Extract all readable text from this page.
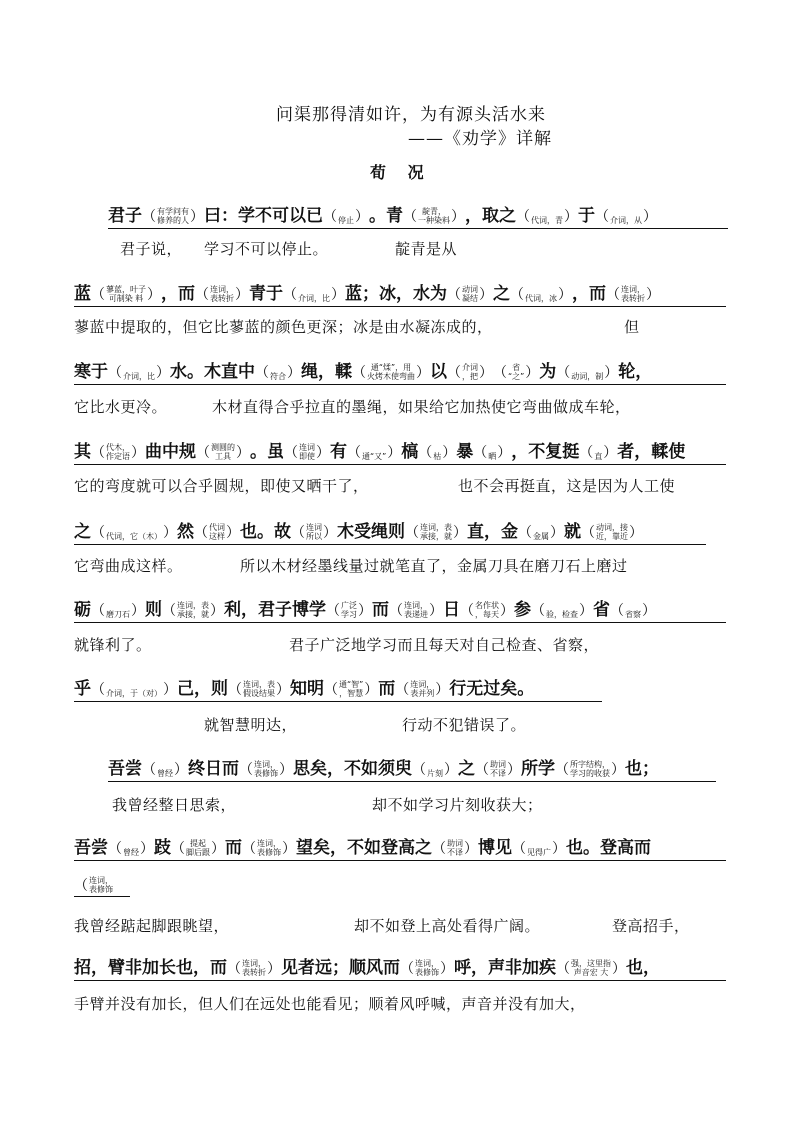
问渠那得清如许，为有源头活水来
——《劝学》详解
荀 况
君子 （ 有学问有
修养的人 ） 曰：学不可以已 （ 停止 ） 。青 （ 靛青，
一种染料 ） ，取之 （ 代词，青 ） 于 （ 介词，从 ）
君子说， 学习不可以停止。	靛青是从
蓝 （ 蓼蓝，叶子
可制染 料 ） ，而 （ 连词，
表转折 ） 青于 （ 介词，比 ） 蓝；冰，水为 （ 动词
凝结 ） 之 （ 代词，冰 ） ，而 （ 连词，
表转折 ）
蓼蓝中提取的，但它比蓼蓝的颜色更深；冰是由水凝冻成的，	但
寒于 （ 介词，比 ） 水。木直中 （ 符合 ） 绳，輮 （ 通“煣”，用
火烤木使弯曲 ） 以 （ 介词
，把 ） （ 省
“之” ） 为 （ 动词，制 ） 轮，
它比水更冷。	木材直得合乎拉直的墨绳，如果给它加热使它弯曲做成车轮，
其 （ 代木，
作定语 ） 曲中规 （ 测圆的
工具 ） 。虽 （ 连词
即使 ） 有 （ 通“又” ） 槁 （ 枯 ） 暴 （ 晒 ） ，不复挺 （ 直 ） 者，輮使
它的弯度就可以合乎圆规，即使又晒干了，	也不会再挺直，这是因为人工使
之 （ 代词，它（木） ） 然 （ 代词
这样 ） 也。故 （ 连词
所以 ） 木受绳则 （ 连词，表
承接，就 ） 直，金 （ 金属 ） 就 （ 动词，接
近，靠近 ）
它弯曲成这样。	所以木材经墨线量过就笔直了，金属刀具在磨刀石上磨过
砺 （ 磨刀石 ） 则 （ 连词，表
承接，就 ） 利，君子博学 （ 广泛
学习 ） 而 （ 连词，
表递进 ） 日 （ 名作状
，每天 ） 参 （ 验，检查 ） 省 （ 省察 ）
就锋利了。	君子广泛地学习而且每天对自己检查、省察，
乎 （ 介词，于（对） ） 己，则 （ 连词，表
假设结果 ） 知明 （ 通“智”
，智慧 ） 而 （ 连词，
表并列 ） 行无过矣。
就智慧明达，	行动不犯错误了。
吾尝 （ 曾经 ） 终日而 （ 连词，
表修饰 ） 思矣，不如须臾 （ 片刻 ） 之 （ 助词
不译 ） 所学 （ 所字结构，
学习的收获 ） 也；
我曾经整日思索，	却不如学习片刻收获大；
吾尝 （ 曾经 ） 跂 （ 提起
脚后跟 ） 而 （ 连词，
表修饰 ） 望矣，不如登高之 （ 助词
不译 ） 博见 （ 见得广 ） 也。登高而
（ 连词，
表修饰
我曾经踮起脚跟眺望，	却不如登上高处看得广阔。	登高招手，
招，臂非加长也，而 （ 连词，
表转折 ） 见者远；顺风而 （ 连词，
表修饰 ） 呼，声非加疾 （ 强，这里指
声音宏 大 ） 也，
手臂并没有加长，但人们在远处也能看见；顺着风呼喊，声音并没有加大，
